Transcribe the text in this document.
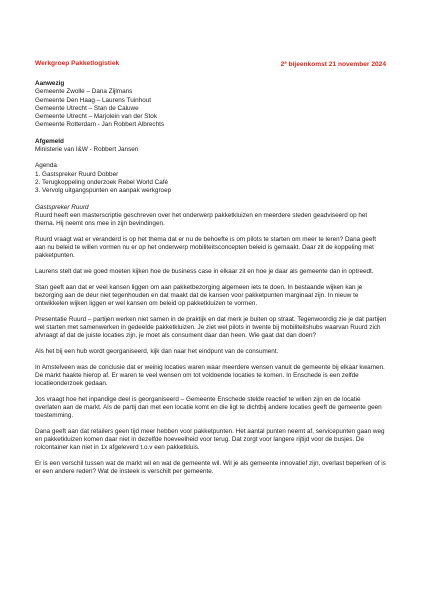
Werkgroep Pakketlogistiek	2e bijeenkomst 21 november 2024

Aanwezig

Gemeente Zwolle – Dana Zijlmans

Gemeente Den Haag – Laurens Tuinhout

Gemeente Utrecht – Stan de Caluwe

Gemeente Utrecht – Marjolein van der Stok

Gemeente Rotterdam - Jan Robbert Albrechts

Afgemeld

Ministerie van I&W - Robbert Jansen

Agenda

1. Gastspreker Ruurd Dobber

2. Terugkoppeling onderzoek Rebel World Café

3. Vervolg uitgangspunten en aanpak werkgroep

Gastspreker Ruurd

Ruurd heeft een masterscriptie geschreven over het onderwerp pakketkluizen en meerdere steden geadviseerd op het thema. Hij neemt ons mee in zijn bevindingen.

Ruurd vraagt wat er veranderd is op het thema dat er nu de behoefte is om pilots te starten om meer te leren? Dana geeft aan nu beleid te willen vormen nu er op het onderwerp mobiliteitsconcepten beleid is gemaakt. Daar zit de koppeling met pakketpunten.

Laurens stelt dat we goed moeten kijken hoe de business case in elkaar zit en hoe je daar als gemeente dan in optreedt.

Stan geeft aan dat er veel kansen liggen om aan pakketbezorging algemeen iets te doen. In bestaande wijken kan je bezorging aan de deur niet tegenhouden en dat maakt dat de kansen voor pakketpunten marginaal zijn. In nieuw te ontwikkelen wijken liggen er wel kansen om beleid op pakketkluizen te vormen.

Presentatie Ruurd – partijen werken niet samen in de praktijk en dat merk je buiten op straat. Tegenwoordig zie je dat partijen wel starten met samenwerken in gedeelde pakketkluizen. Je ziet wel pilots in twente bij mobiliteitshubs waarvan Ruurd zich afvraagt af dat de juiste locaties zijn, je moet als consument daar dan heen. Wie gaat dat dan doen?

Als het bij een hub wordt georganiseerd, kijk dan naar het eindpunt van de consument.

In Amstelveen was de conclusie dat er weinig locaties waren waar meerdere wensen vanuit de gemeente bij elkaar kwamen. De markt haakte hierop af. Er waren te veel wensen om tot voldoende locaties te komen. In Enschede is een zelfde locatieonderzoek gedaan.

Jos vraagt hoe het inpandige deel is georganiseerd – Gemeente Enschede stelde reactief te willen zijn en de locatie overlaten aan de markt. Als de partij dan met een locatie komt en die ligt te dichtbij andere locaties geeft de gemeente geen toestemming.

Dana geeft aan dat retailers geen tijd meer hebben voor pakketpunten. Het aantal punten neemt af, servicepunten gaan weg en pakketkluizen komen daar niet in dezelfde hoeveelheid voor terug. Dat zorgt voor langere rijtijd voor de busjes. De rolcontainer kan niet in 1x afgeleverd t.o.v een pakketkluis.

Er is een verschil tussen wat de markt wil en wat de gemeente wil. Wil je als gemeente innovatief zijn, overlast beperken of is er een andere reden? Wat de insteek is verschilt per gemeente.
